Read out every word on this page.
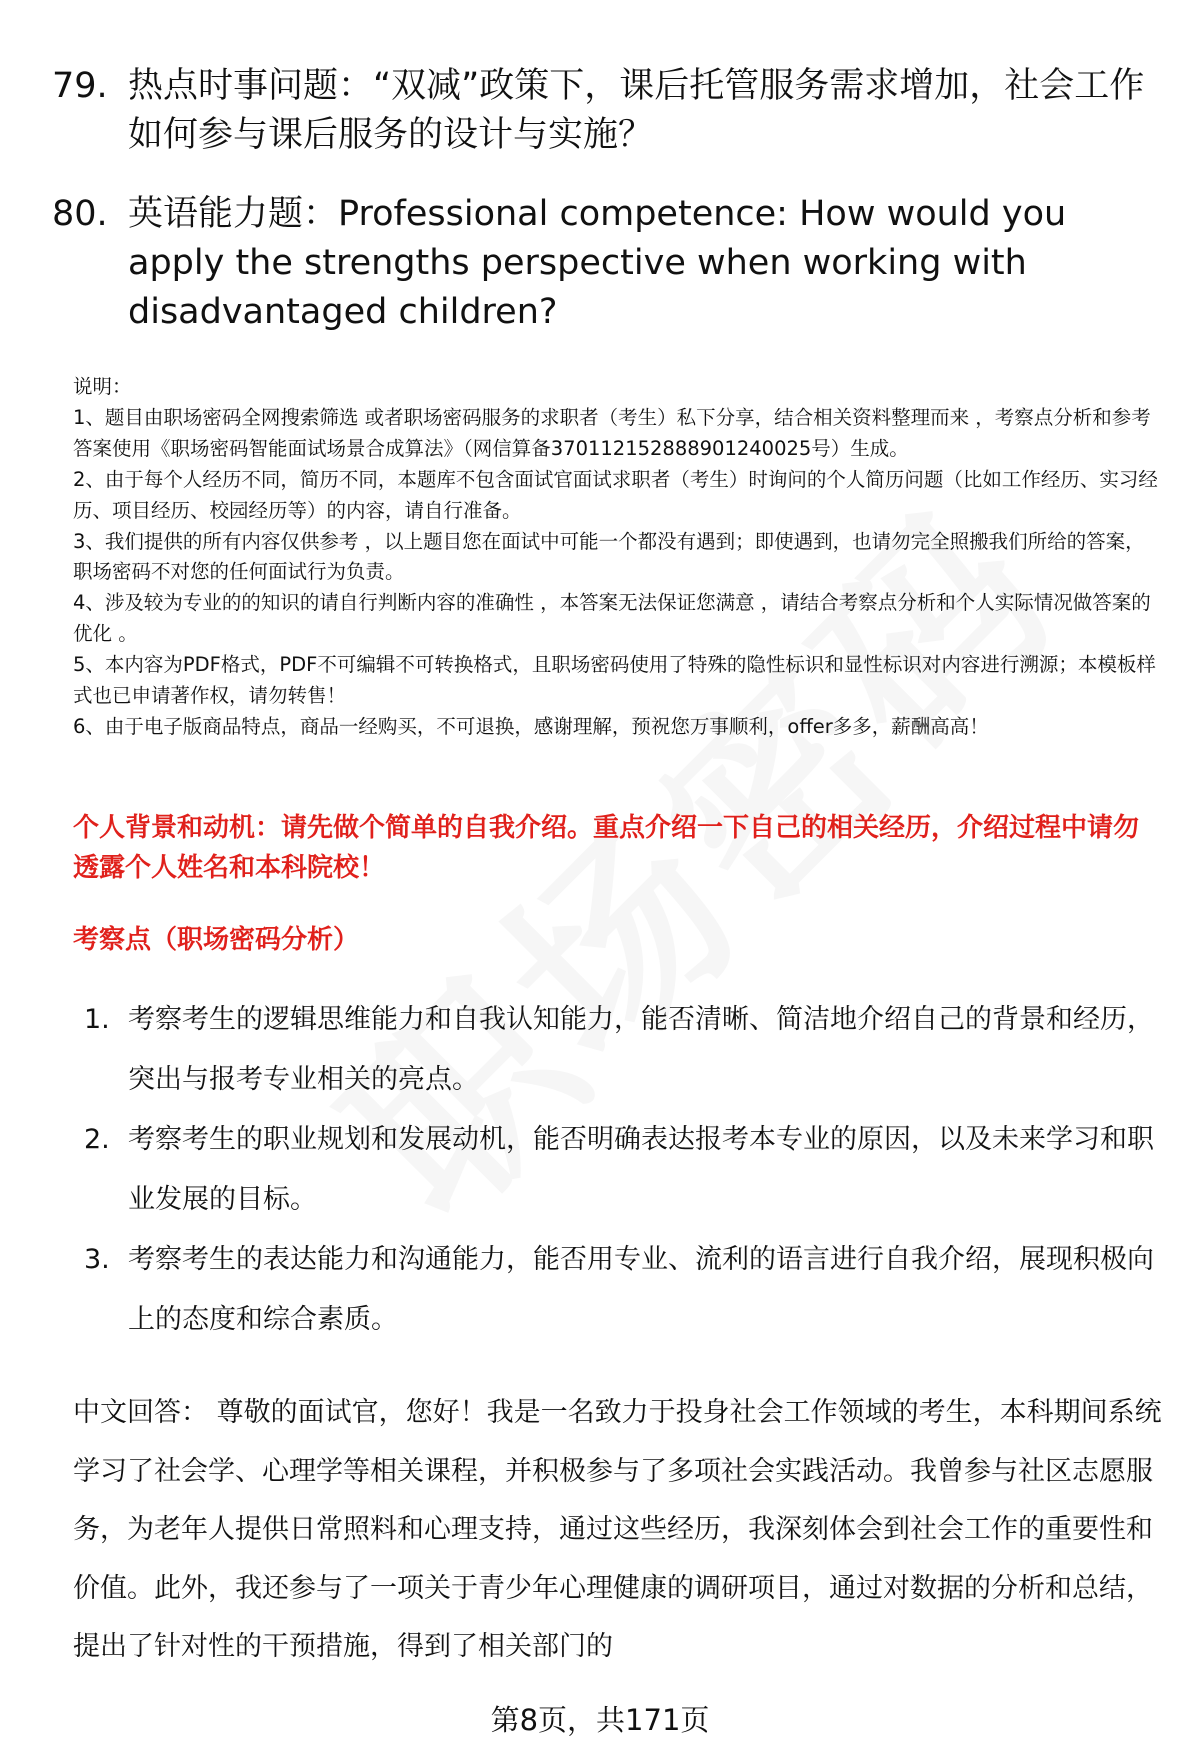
79. 热点时事问题：“双减”政策下，课后托管服务需求增加，社会工作如何参与课后服务的设计与实施？
80. 英语能力题：Professional competence: How would you apply the strengths perspective when working with disadvantaged children?
说明：
1、题目由职场密码全网搜索筛选 或者职场密码服务的求职者（考生）私下分享，结合相关资料整理而来 ，考察点分析和参考答案使用《职场密码智能面试场景合成算法》（网信算备370112152888901240025号）生成。
2、由于每个人经历不同，简历不同，本题库不包含面试官面试求职者（考生）时询问的个人简历问题（比如工作经历、实习经历、项目经历、校园经历等）的内容，请自行准备。
3、我们提供的所有内容仅供参考 ，以上题目您在面试中可能一个都没有遇到；即使遇到，也请勿完全照搬我们所给的答案，职场密码不对您的任何面试行为负责。
4、涉及较为专业的的知识的请自行判断内容的准确性 ，本答案无法保证您满意 ，请结合考察点分析和个人实际情况做答案的优化 。
5、本内容为PDF格式，PDF不可编辑不可转换格式，且职场密码使用了特殊的隐性标识和显性标识对内容进行溯源；本模板样式也已申请著作权，请勿转售！
6、由于电子版商品特点，商品一经购买，不可退换，感谢理解，预祝您万事顺利，offer多多，薪酬高高！
个人背景和动机：请先做个简单的自我介绍。重点介绍一下自己的相关经历，介绍过程中请勿透露个人姓名和本科院校！
考察点（职场密码分析）
1. 考察考生的逻辑思维能力和自我认知能力，能否清晰、简洁地介绍自己的背景和经历，突出与报考专业相关的亮点。
2. 考察考生的职业规划和发展动机，能否明确表达报考本专业的原因，以及未来学习和职业发展的目标。
3. 考察考生的表达能力和沟通能力，能否用专业、流利的语言进行自我介绍，展现积极向上的态度和综合素质。
中文回答： 尊敬的面试官，您好！我是一名致力于投身社会工作领域的考生，本科期间系统学习了社会学、心理学等相关课程，并积极参与了多项社会实践活动。我曾参与社区志愿服务，为老年人提供日常照料和心理支持，通过这些经历，我深刻体会到社会工作的重要性和价值。此外，我还参与了一项关于青少年心理健康的调研项目，通过对数据的分析和总结，提出了针对性的干预措施，得到了相关部门的
第8页，共171页
